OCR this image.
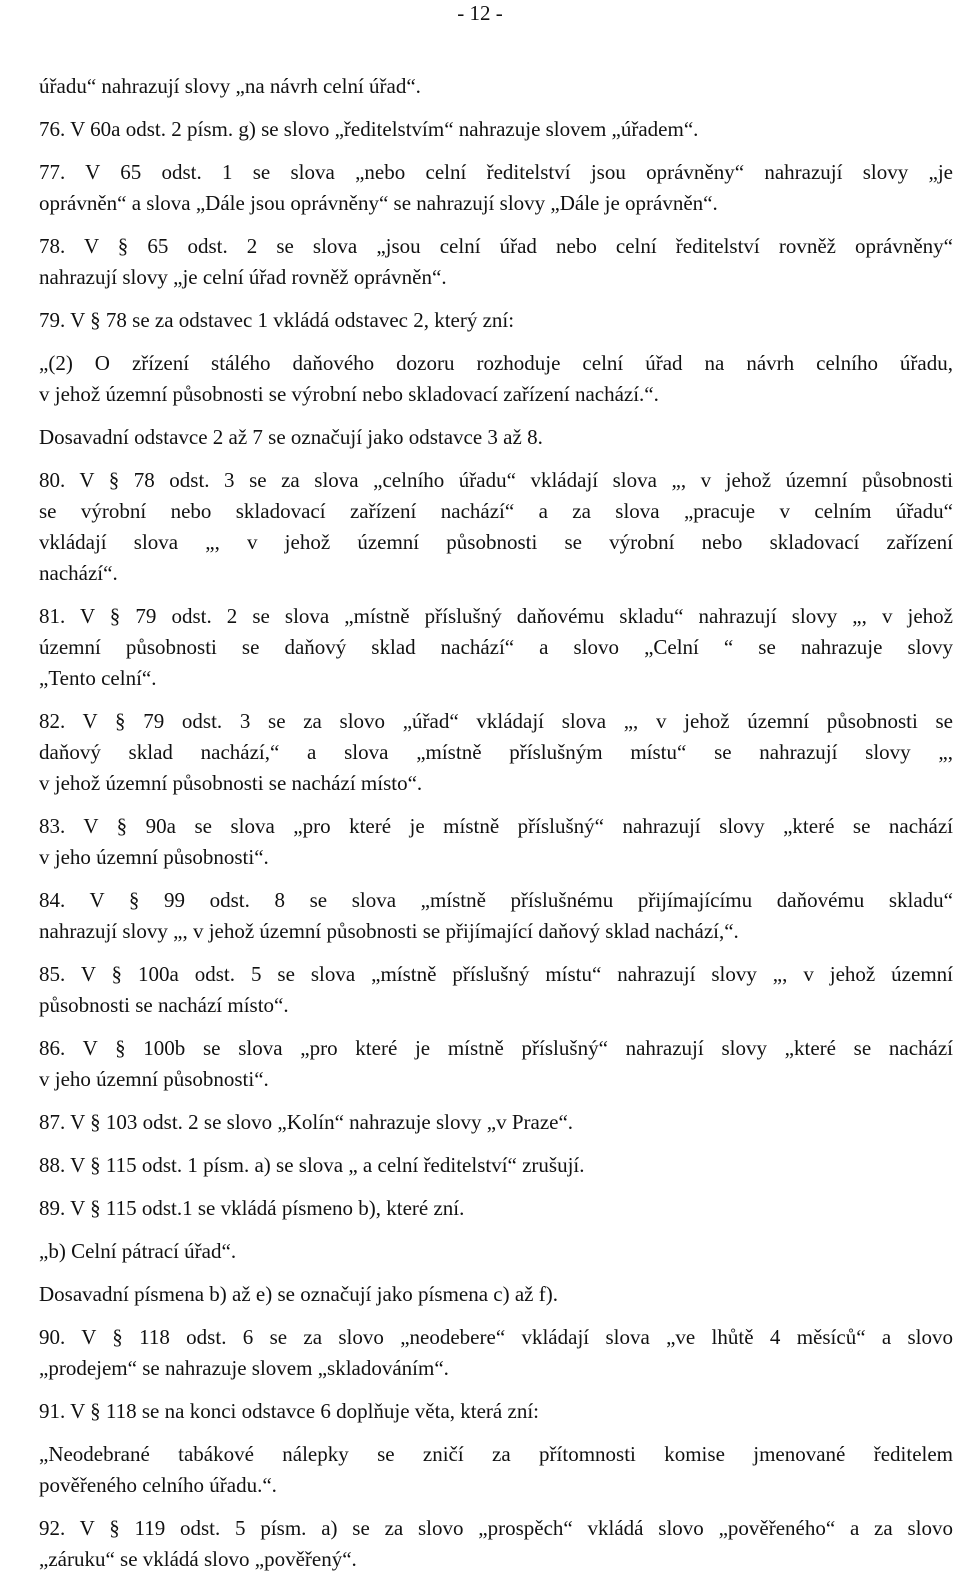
- 12 -
úřadu“ nahrazují slovy „na návrh celní úřad“.
76. V 60a odst. 2 písm. g) se slovo „ředitelstvím“ nahrazuje slovem „úřadem“.
77. V 65 odst. 1 se slova „nebo celní ředitelství jsou oprávněny“ nahrazují slovy „je
oprávněn“ a slova „Dále jsou oprávněny“ se nahrazují slovy „Dále je oprávněn“.
78. V § 65 odst. 2 se slova „jsou celní úřad nebo celní ředitelství rovněž oprávněny“
nahrazují slovy „je celní úřad rovněž oprávněn“.
79. V § 78 se za odstavec 1 vkládá odstavec 2, který zní:
„(2) O zřízení stálého daňového dozoru rozhoduje celní úřad na návrh celního úřadu,
v jehož územní působnosti se výrobní nebo skladovací zařízení nachází.“.
Dosavadní odstavce 2 až 7 se označují jako odstavce 3 až 8.
80. V § 78 odst. 3 se za slova „celního úřadu“ vkládají slova „, v jehož územní působnosti
se výrobní nebo skladovací zařízení nachází“ a za slova „pracuje v celním úřadu“
vkládají slova „, v jehož územní působnosti se výrobní nebo skladovací zařízení
nachází“.
81. V § 79 odst. 2 se slova „místně příslušný daňovému skladu“ nahrazují slovy „, v jehož
územní působnosti se daňový sklad nachází“ a slovo „Celní “ se nahrazuje slovy
„Tento celní“.
82. V § 79 odst. 3 se za slovo „úřad“ vkládají slova „, v jehož územní působnosti se
daňový sklad nachází,“ a slova „místně příslušným místu“ se nahrazují slovy „,
v jehož územní působnosti se nachází místo“.
83. V § 90a se slova „pro které je místně příslušný“ nahrazují slovy „které se nachází
v jeho územní působnosti“.
84. V § 99 odst. 8 se slova „místně příslušnému přijímajícímu daňovému skladu“
nahrazují slovy „, v jehož územní působnosti se přijímající daňový sklad nachází,“.
85. V § 100a odst. 5 se slova „místně příslušný místu“ nahrazují slovy „, v jehož územní
působnosti se nachází místo“.
86. V § 100b se slova „pro které je místně příslušný“ nahrazují slovy „které se nachází
v jeho územní působnosti“.
87. V § 103 odst. 2 se slovo „Kolín“ nahrazuje slovy „v Praze“.
88. V § 115 odst. 1 písm. a) se slova „ a celní ředitelství“ zrušují.
89. V § 115 odst.1 se vkládá písmeno b), které zní.
„b) Celní pátrací úřad“.
Dosavadní písmena b) až e) se označují jako písmena c) až f).
90. V § 118 odst. 6 se za slovo „neodebere“ vkládají slova „ve lhůtě 4 měsíců“ a slovo
„prodejem“ se nahrazuje slovem „skladováním“.
91. V § 118 se na konci odstavce 6 doplňuje věta, která zní:
„Neodebrané tabákové nálepky se zničí za přítomnosti komise jmenované ředitelem
pověřeného celního úřadu.“.
92. V § 119 odst. 5 písm. a) se za slovo „prospěch“ vkládá slovo „pověřeného“ a za slovo
„záruku“ se vkládá slovo „pověřený“.
